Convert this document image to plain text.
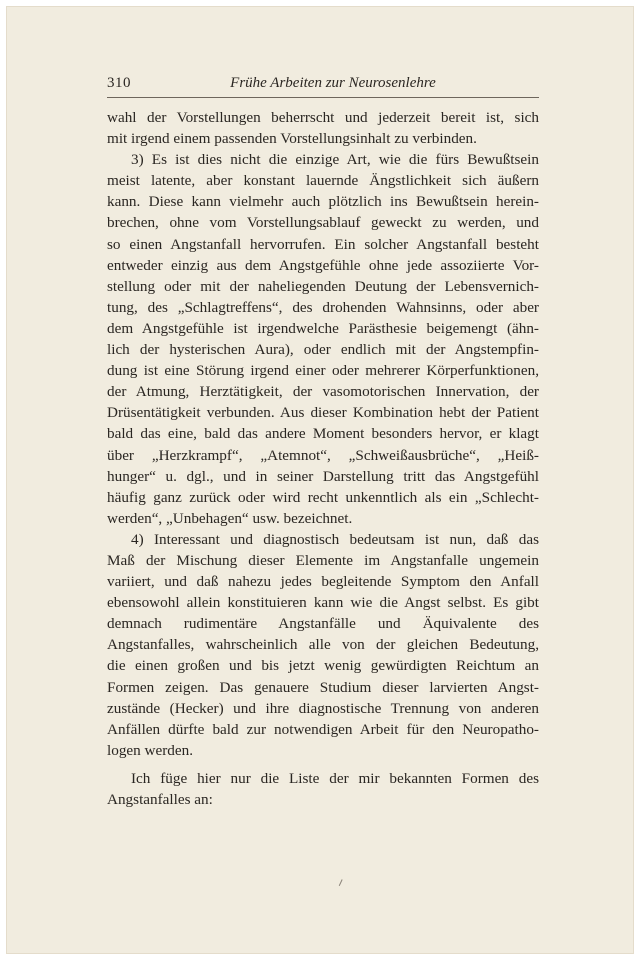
310	Frühe Arbeiten zur Neurosenlehre
wahl der Vorstellungen beherrscht und jederzeit bereit ist, sich
mit irgend einem passenden Vorstellungsinhalt zu verbinden.
3) Es ist dies nicht die einzige Art, wie die fürs Bewußtsein
meist latente, aber konstant lauernde Ängstlichkeit sich äußern
kann. Diese kann vielmehr auch plötzlich ins Bewußtsein herein-
brechen, ohne vom Vorstellungsablauf geweckt zu werden, und
so einen Angstanfall hervorrufen. Ein solcher Angstanfall besteht
entweder einzig aus dem Angstgefühle ohne jede assoziierte Vor-
stellung oder mit der naheliegenden Deutung der Lebensvernich-
tung, des „Schlagtreffens“, des drohenden Wahnsinns, oder aber
dem Angstgefühle ist irgendwelche Parästhesie beigemengt (ähn-
lich der hysterischen Aura), oder endlich mit der Angstempfin-
dung ist eine Störung irgend einer oder mehrerer Körperfunktionen,
der Atmung, Herztätigkeit, der vasomotorischen Innervation, der
Drüsentätigkeit verbunden. Aus dieser Kombination hebt der Patient
bald das eine, bald das andere Moment besonders hervor, er klagt
über „Herzkrampf“, „Atemnot“, „Schweißausbrüche“, „Heiß-
hunger“ u. dgl., und in seiner Darstellung tritt das Angstgefühl
häufig ganz zurück oder wird recht unkenntlich als ein „Schlecht-
werden“, „Unbehagen“ usw. bezeichnet.
4) Interessant und diagnostisch bedeutsam ist nun, daß das
Maß der Mischung dieser Elemente im Angstanfalle ungemein
variiert, und daß nahezu jedes begleitende Symptom den Anfall
ebensowohl allein konstituieren kann wie die Angst selbst. Es gibt
demnach rudimentäre Angstanfälle und Äquivalente des
Angstanfalles, wahrscheinlich alle von der gleichen Bedeutung,
die einen großen und bis jetzt wenig gewürdigten Reichtum an
Formen zeigen. Das genauere Studium dieser larvierten Angst-
zustände (Hecker) und ihre diagnostische Trennung von anderen
Anfällen dürfte bald zur notwendigen Arbeit für den Neuropatho-
logen werden.
Ich füge hier nur die Liste der mir bekannten Formen des
Angstanfalles an:
